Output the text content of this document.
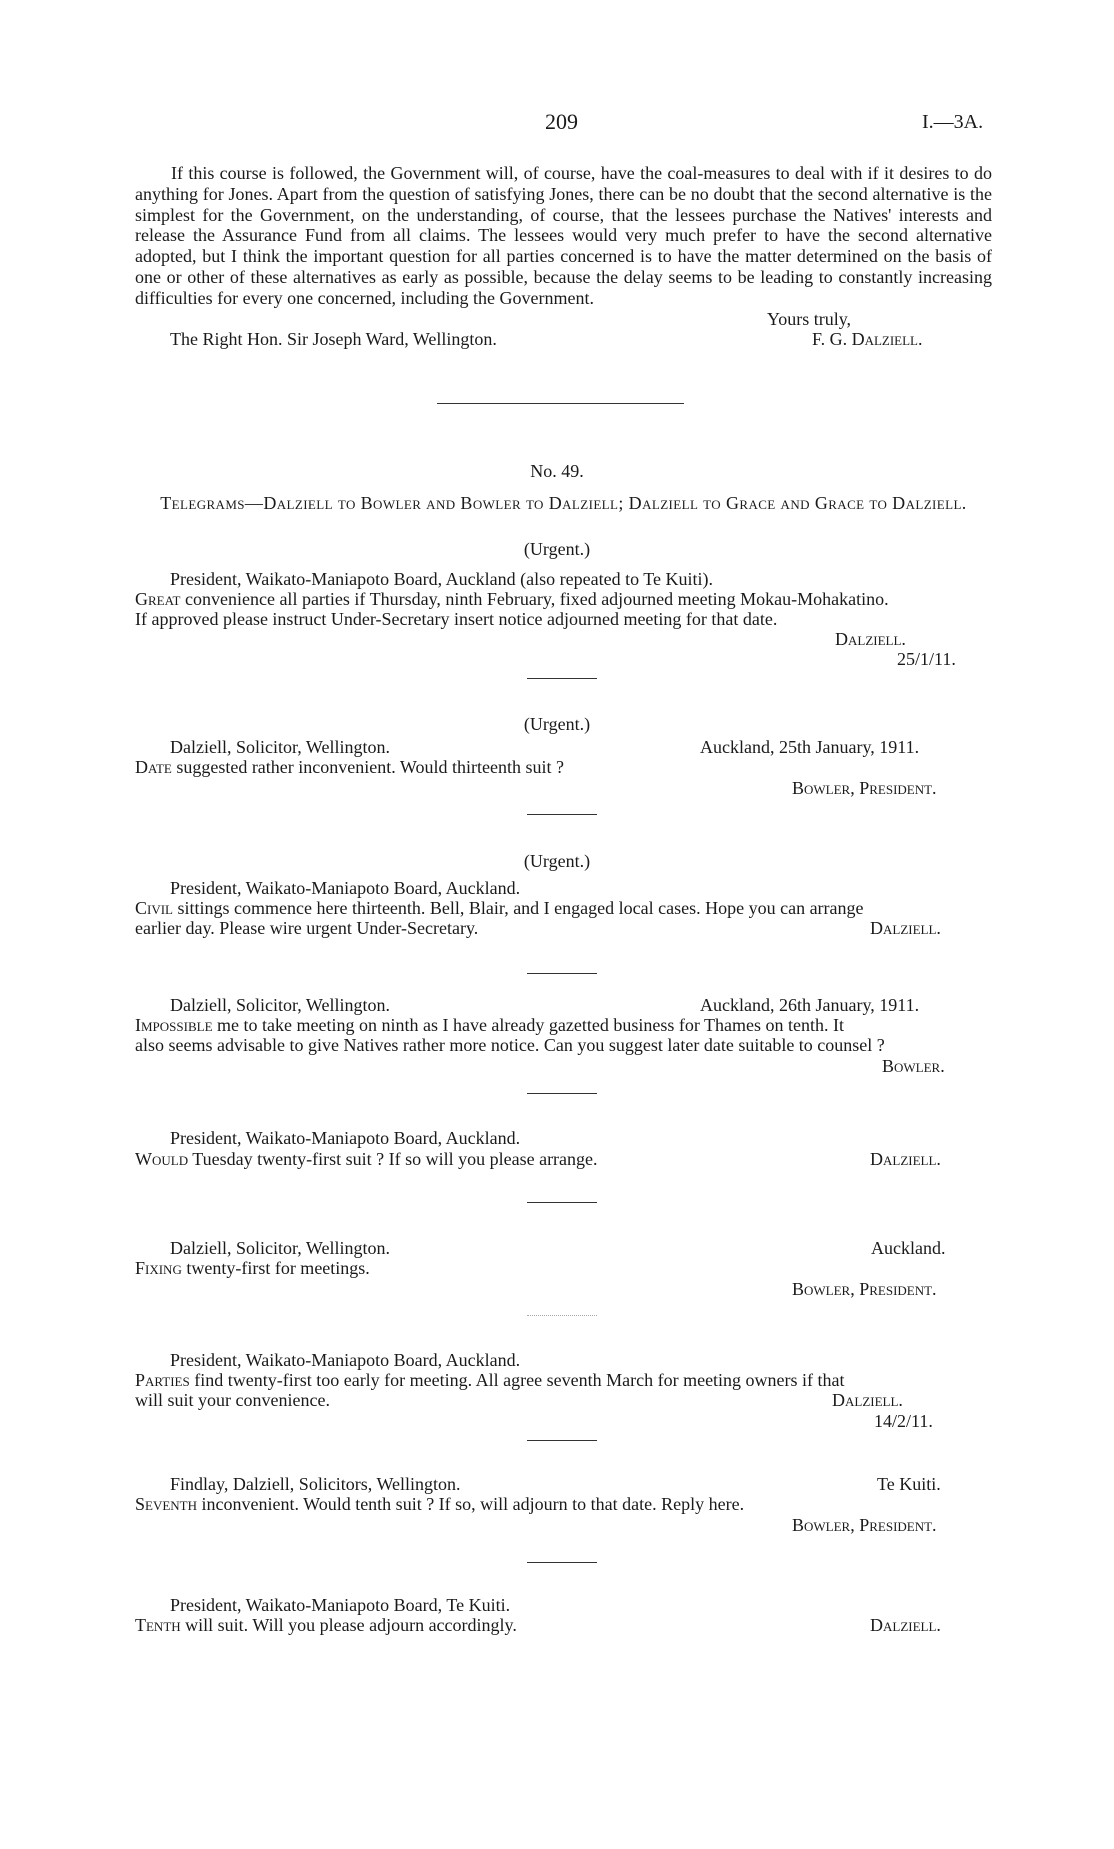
209	I.—3A.
If this course is followed, the Government will, of course, have the coal-measures to deal with if it desires to do anything for Jones. Apart from the question of satisfying Jones, there can be no doubt that the second alternative is the simplest for the Government, on the understanding, of course, that the lessees purchase the Natives' interests and release the Assurance Fund from all claims. The lessees would very much prefer to have the second alternative adopted, but I think the important question for all parties concerned is to have the matter determined on the basis of one or other of these alternatives as early as possible, because the delay seems to be leading to constantly increasing difficulties for every one concerned, including the Government.
Yours truly,
The Right Hon. Sir Joseph Ward, Wellington.	F. G. Dalziell.
No. 49.
Telegrams—Dalziell to Bowler and Bowler to Dalziell; Dalziell to Grace and Grace to Dalziell.
(Urgent.)
President, Waikato-Maniapoto Board, Auckland (also repeated to Te Kuiti).
Great convenience all parties if Thursday, ninth February, fixed adjourned meeting Mokau-Mohakatino.
If approved please instruct Under-Secretary insert notice adjourned meeting for that date.
Dalziell.
25/1/11.
(Urgent.)
Dalziell, Solicitor, Wellington.	Auckland, 25th January, 1911.
Date suggested rather inconvenient. Would thirteenth suit ?
Bowler, President.
(Urgent.)
President, Waikato-Maniapoto Board, Auckland.
Civil sittings commence here thirteenth. Bell, Blair, and I engaged local cases. Hope you can arrange
earlier day. Please wire urgent Under-Secretary.	Dalziell.
Dalziell, Solicitor, Wellington.	Auckland, 26th January, 1911.
Impossible me to take meeting on ninth as I have already gazetted business for Thames on tenth. It
also seems advisable to give Natives rather more notice. Can you suggest later date suitable to counsel ?
Bowler.
President, Waikato-Maniapoto Board, Auckland.
Would Tuesday twenty-first suit ? If so will you please arrange.	Dalziell.
Dalziell, Solicitor, Wellington.	Auckland.
Fixing twenty-first for meetings.
Bowler, President.
President, Waikato-Maniapoto Board, Auckland.
Parties find twenty-first too early for meeting. All agree seventh March for meeting owners if that
will suit your convenience.	Dalziell.
14/2/11.
Findlay, Dalziell, Solicitors, Wellington.	Te Kuiti.
Seventh inconvenient. Would tenth suit ? If so, will adjourn to that date. Reply here.
Bowler, President.
President, Waikato-Maniapoto Board, Te Kuiti.
Tenth will suit. Will you please adjourn accordingly.	Dalziell.
